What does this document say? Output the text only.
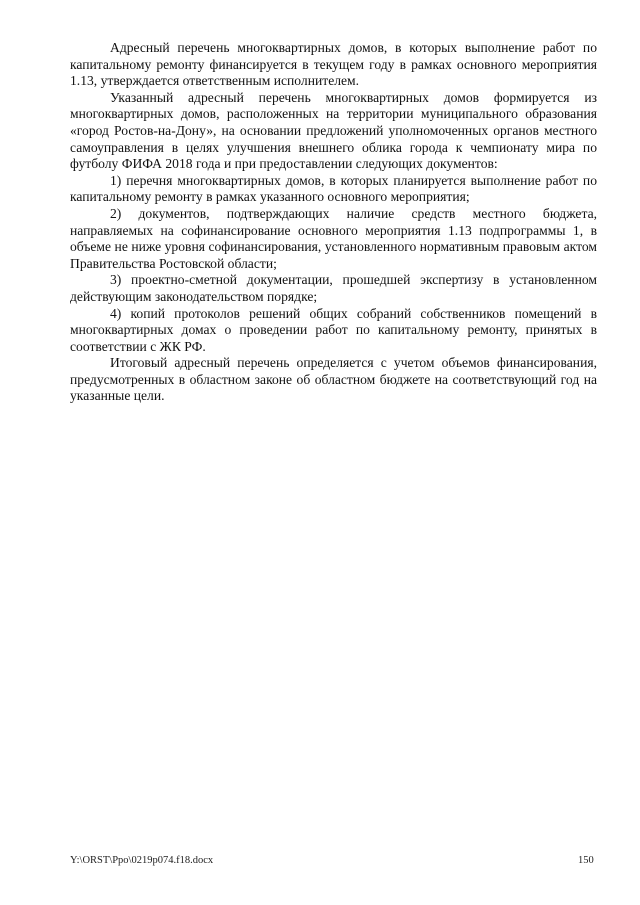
Адресный перечень многоквартирных домов, в которых выполнение работ по капитальному ремонту финансируется в текущем году в рамках основного мероприятия 1.13, утверждается ответственным исполнителем.

Указанный адресный перечень многоквартирных домов формируется из многоквартирных домов, расположенных на территории муниципального образования «город Ростов-на-Дону», на основании предложений уполномоченных органов местного самоуправления в целях улучшения внешнего облика города к чемпионату мира по футболу ФИФА 2018 года и при предоставлении следующих документов:

1) перечня многоквартирных домов, в которых планируется выполнение работ по капитальному ремонту в рамках указанного основного мероприятия;

2) документов, подтверждающих наличие средств местного бюджета, направляемых на софинансирование основного мероприятия 1.13 подпрограммы 1, в объеме не ниже уровня софинансирования, установленного нормативным правовым актом Правительства Ростовской области;

3) проектно-сметной документации, прошедшей экспертизу в установленном действующим законодательством порядке;

4) копий протоколов решений общих собраний собственников помещений в многоквартирных домах о проведении работ по капитальному ремонту, принятых в соответствии с ЖК РФ.

Итоговый адресный перечень определяется с учетом объемов финансирования, предусмотренных в областном законе об областном бюджете на соответствующий год на указанные цели.

Y:\ORST\Ppo\0219p074.f18.docx	150
